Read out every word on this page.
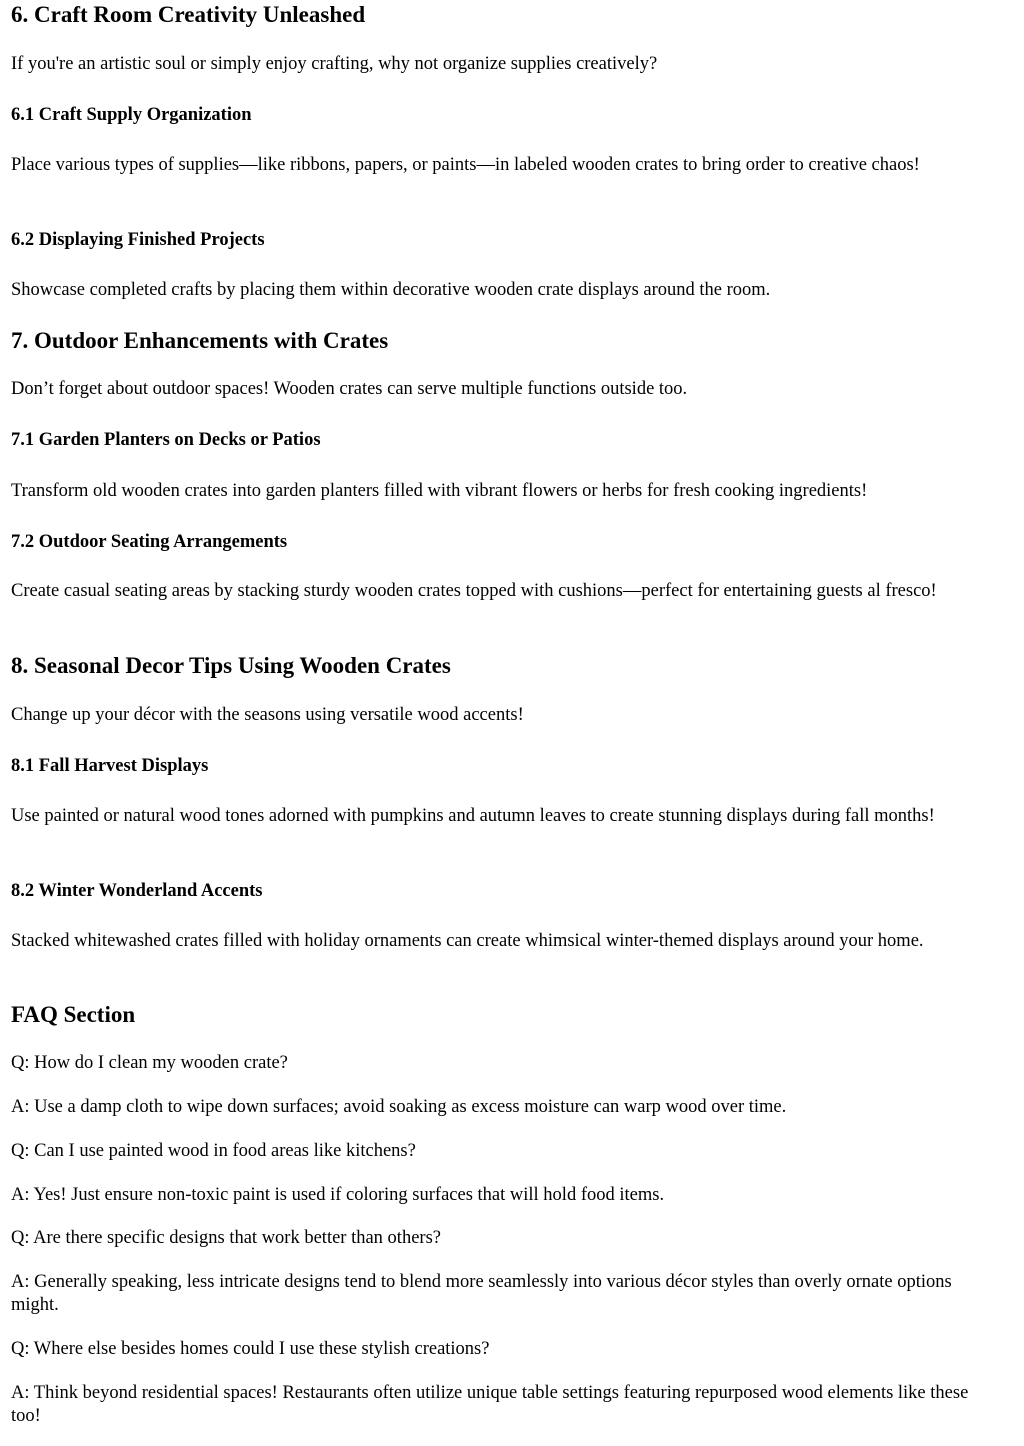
6. Craft Room Creativity Unleashed

If you're an artistic soul or simply enjoy crafting, why not organize supplies creatively?

6.1 Craft Supply Organization

Place various types of supplies—like ribbons, papers, or paints—in labeled wooden crates to bring order to creative chaos!

6.2 Displaying Finished Projects

Showcase completed crafts by placing them within decorative wooden crate displays around the room.

7. Outdoor Enhancements with Crates

Don’t forget about outdoor spaces! Wooden crates can serve multiple functions outside too.

7.1 Garden Planters on Decks or Patios

Transform old wooden crates into garden planters filled with vibrant flowers or herbs for fresh cooking ingredients!

7.2 Outdoor Seating Arrangements

Create casual seating areas by stacking sturdy wooden crates topped with cushions—perfect for entertaining guests al fresco!

8. Seasonal Decor Tips Using Wooden Crates

Change up your décor with the seasons using versatile wood accents!

8.1 Fall Harvest Displays

Use painted or natural wood tones adorned with pumpkins and autumn leaves to create stunning displays during fall months!

8.2 Winter Wonderland Accents

Stacked whitewashed crates filled with holiday ornaments can create whimsical winter-themed displays around your home.

FAQ Section

Q: How do I clean my wooden crate?

A: Use a damp cloth to wipe down surfaces; avoid soaking as excess moisture can warp wood over time.

Q: Can I use painted wood in food areas like kitchens?

A: Yes! Just ensure non-toxic paint is used if coloring surfaces that will hold food items.

Q: Are there specific designs that work better than others?

A: Generally speaking, less intricate designs tend to blend more seamlessly into various décor styles than overly ornate options might.

Q: Where else besides homes could I use these stylish creations?

A: Think beyond residential spaces! Restaurants often utilize unique table settings featuring repurposed wood elements like these too!
